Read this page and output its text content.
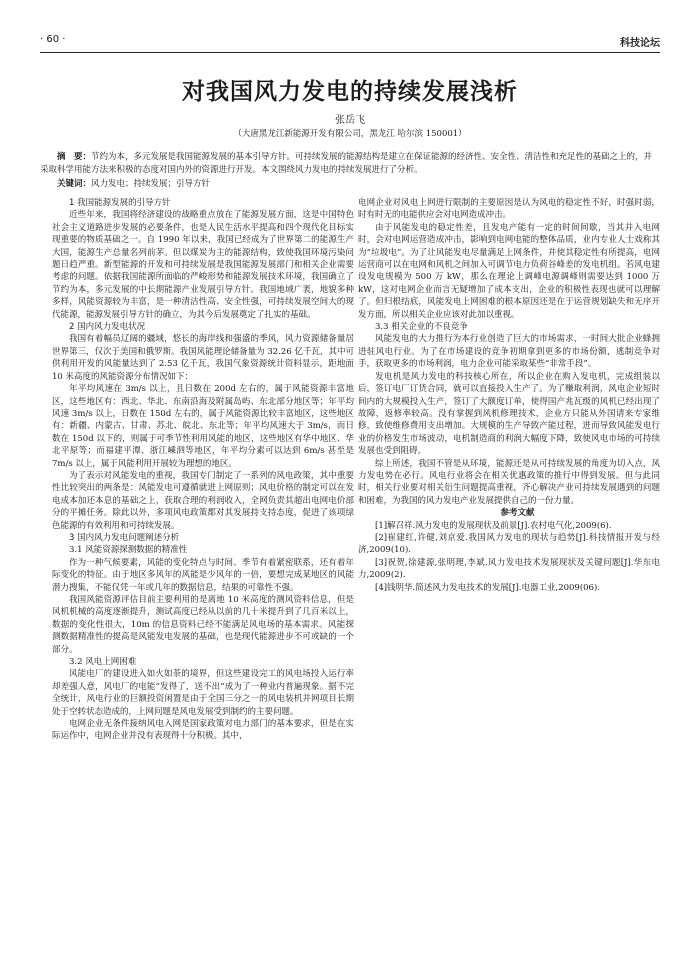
· 60 ·	科技论坛
对我国风力发电的持续发展浅析
张岳飞
（大唐黑龙江新能源开发有限公司，黑龙江 哈尔滨 150001）
摘　要：节约为本，多元发展是我国能源发展的基本引导方针。可持续发展的能源结构是建立在保证能源的经济性、安全性、清洁性和充足性的基础之上的，并采取科学用能方法来积极的态度对国内外的资源进行开发。本文围绕风力发电的持续发展进行了分析。
关键词：风力发电；持续发展；引导方针

1 我国能源发展的引导方针

近些年来，我国将经济建设的战略重点放在了能源发展方面，这是中国特色社会主义道路进步发展的必要条件，也是人民生活水平提高和四个现代化目标实现重要的物质基础之一。自 1990 年以来，我国已经成为了世界第二的能源生产大国，能源生产总量名列前茅。但以煤炭为主的能源结构，致使我国环境污染问题日趋严重。新型能源的开发和可持续发展是我国能源发展部门和相关企业需要考虑的问题。依据我国能源所面临的严峻形势和能源发展技术环境，我国确立了节约为本，多元发展的中长期能源产业发展引导方针。我国地域广袤，地貌多种多样，风能资源较为丰富，是一种清洁性高、安全性强，可持续发展空间大的现代能源，能源发展引导方针的确立，为其今后发展奠定了扎实的基础。

2 国内风力发电状况

我国有着幅员辽阔的疆域，悠长的海岸线和强盛的季风，风力资源储备量居世界第三，仅次于美国和俄罗斯。我国风能理论储备量为 32.26 亿千瓦，其中可供利用开发的风能量达到了 2.53 亿千瓦，我国气象资源统计资料显示，距地面 10 米高度的风能资源分布情况如下：

年平均风速在 3m/s 以上，且日数在 200d 左右的，属于风能资源丰富地区，这些地区有：西北、华北、东南沿海及附属岛屿、东北部分地区等；年平均风速 3m/s 以上，日数在 150d 左右的，属于风能资源比较丰富地区，这些地区有：新疆、内蒙古、甘肃、苏北、皖北、东北等；年平均风速大于 3m/s，而日数在 150d 以下的，则属于可季节性利用风能的地区，这些地区有华中地区、华北平原等；而福建平潭、浙江嵊泗等地区，年平均分素可以达到 6m/s 甚至是 7m/s 以上，属于风能利用开展较为理想的地区。

为了表示对风能发电的重视，我国专门制定了一系列的风电政策，其中重要性比较突出的两条是：风能发电可遵循就进上网原则；风电价格的制定可以在发电成本加还本息的基础之上，获取合理的利润收入，全网负责其超出电网电价部分的平摊任务。除此以外，多项风电政策都对其发展持支持态度，促进了该项绿色能源的有效利用和可持续发展。

3 国内风力发电问题阐述分析

3.1 风能资源探测数据的精准性

作为一种气候要素，风能的变化特点与时间、季节有着紧密联系，还有着年际变化的特征。由于地区多风年的风能是少风年的一倍，要想完成某地区的风能潜力搜集，不能仅凭一年或几年的数据信息，结果的可靠性不强。

我国风能资源评估目前主要利用的是离地 10 米高度的测风资料信息，但是风机机械的高度逐渐提升，测试高度已经从以前的几十米提升到了几百米以上，数据的变化性很大，10m 的信息资料已经不能满足风电场的基本需求。风能探测数据精准性的提高是风能发电发展的基础，也是现代能源进步不可或缺的一个部分。

3.2 风电上网困难

风能电厂的建设进入如火如荼的境界，但这些建设完工的风电场投入运行率却差强人意，风电厂的电能“发得了，送不出”成为了一种业内普遍现象。据不完全统计，风电行业的巨额投资闲置是由于全国三分之一的风电装机并网项目长期处于空转状态造成的，上网问题是风电发展受到制约的主要问题。

电网企业无条件接纳风电入网是国家政策对电力部门的基本要求，但是在实际运作中，电网企业并没有表现得十分积极。其中，

电网企业对风电上网进行限制的主要原因是认为风电的稳定性不好，时强时弱，时有时无的电能供应会对电网造成冲击。

由于风能发电的稳定性差，且发电产能有一定的时间间歇，当其并入电网时，会对电网运营造成冲击，影响到电网电能的整体品质，业内专业人士戏称其为“垃圾电”。为了让风能发电尽量满足上网条件，并使其稳定性有所提高，电网运营商可以在电网和风机之间加入可调节电力负荷谷峰差的发电机组。若风电建设发电规模为 500 万 kW，那么在理论上调峰电源调峰则需要达到 1000 万 kW，这对电网企业而言无疑增加了成本支出，企业的积极性表现也就可以理解了。但归根结底，风能发电上网困难的根本原因还是在于运营规划缺失和无序开发方面，所以相关企业应该对此加以重视。

3.3 相关企业的不良竞争

风能发电的大力推行为本行业创造了巨大的市场需求，一时间大批企业蜂拥进驻风电行业。为了在市场建设的竞争初期拿到更多的市场份额，逃制竞争对手，获取更多的市场利润，电力企业可能采取某些“非常手段”。

发电机是风力发电的科技核心所在，所以企业在购入发电机，完成组装以后，签订电厂订货合同，就可以直接投入生产了。为了赚取利润，风电企业短时间内的大规模投入生产，签订了大额度订单，使得国产兆瓦级的风机已经出现了故障，返修率较高。没有掌握到风机修理技术，企业方只能从外国请来专家维修，致使维修费用支出增加。大规模的生产导致产能过程，进而导致风能发电行业的价格发生市场波动，电机制造商的利润大幅度下降，致使风电市场的可持续发展也受到阻碍。

综上所述，我国不管是从环境，能源还是从可持续发展的角度为切入点，风力发电势在必行。风电行业将会在相关优惠政策的推行中得到发展。但与此同时，相关行业要对相关衍生问题提高重视，齐心解决产业可持续发展遇到的问题和困难，为我国的风力发电产业发展提供自己的一份力量。

参考文献

[1]解召祥.风力发电的发展现状及前景[J].农村电气化,2009(6).

[2]崔建红,许健,刘京爱.我国风力发电的现状与趋势[J].科技情报开发与经济,2009(10).

[3]祝贺,徐建源,张明理,李斌.风力发电技术发展现状及关键问题[J].华东电力,2009(2).

[4]钱明华.简述风力发电技术的发展[J].电器工业,2009(06).
